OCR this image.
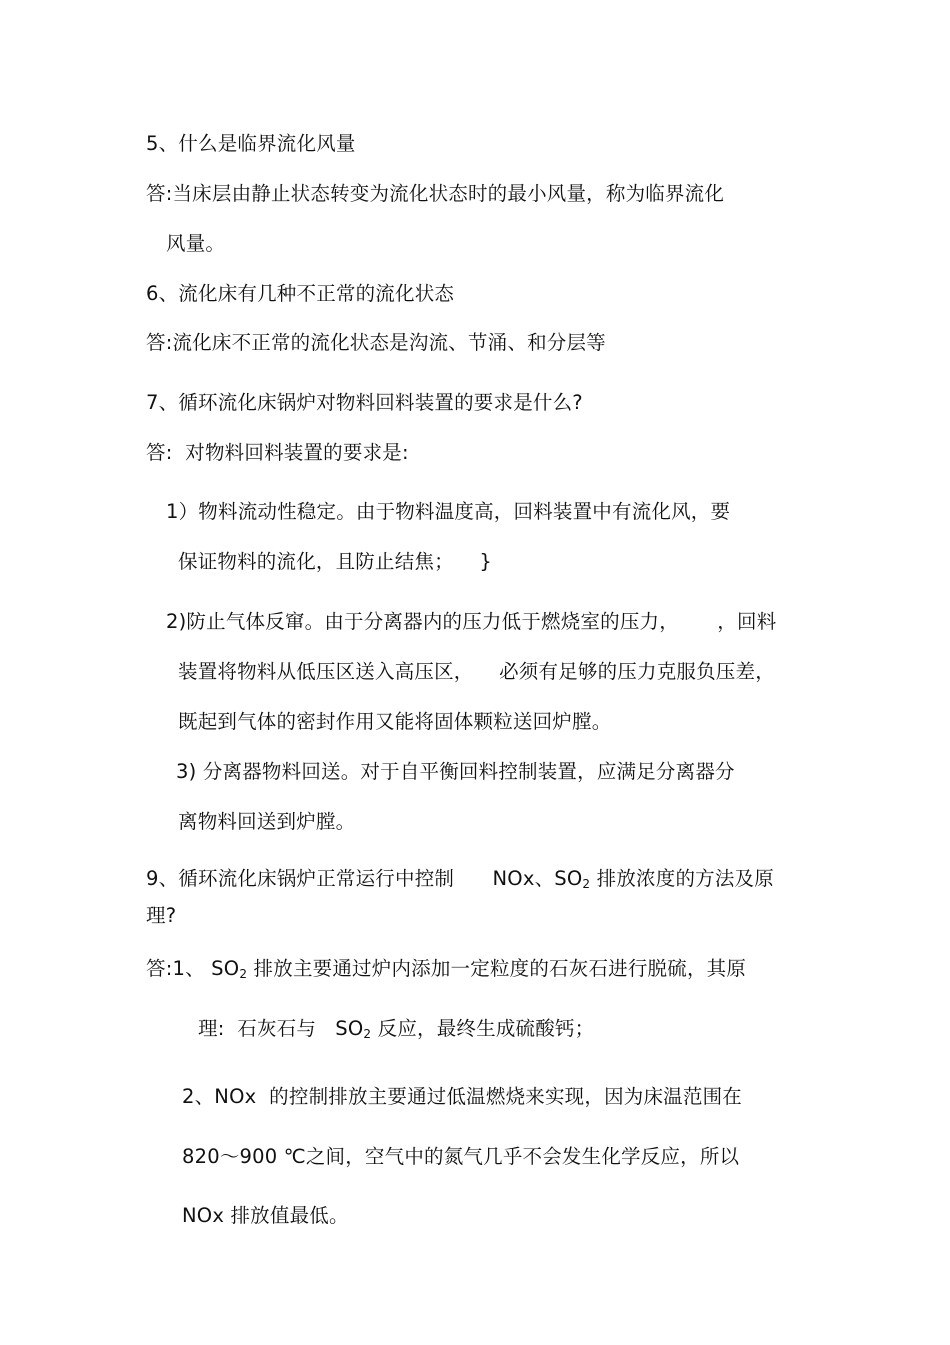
5、什么是临界流化风量
答:当床层由静止状态转变为流化状态时的最小风量，称为临界流化
风量。
6、流化床有几种不正常的流化状态
答:流化床不正常的流化状态是沟流、节涌、和分层等
7、循环流化床锅炉对物料回料装置的要求是什么?
答:  对物料回料装置的要求是:
1）物料流动性稳定。由于物料温度高，回料装置中有流化风，要
保证物料的流化，且防止结焦；    }
2)防止气体反窜。由于分离器内的压力低于燃烧室的压力，      ，回料
装置将物料从低压区送入高压区，    必须有足够的压力克服负压差，
既起到气体的密封作用又能将固体颗粒送回炉膛。
3) 分离器物料回送。对于自平衡回料控制装置，应满足分离器分
离物料回送到炉膛。
9、循环流化床锅炉正常运行中控制      NOx、$SO_2$ 排放浓度的方法及原
理?
答:1、 $SO_2$ 排放主要通过炉内添加一定粒度的石灰石进行脱硫，其原
理:  石灰石与   $SO_2$ 反应，最终生成硫酸钙；
2、NOx  的控制排放主要通过低温燃烧来实现，因为床温范围在
820～900 ℃之间，空气中的氮气几乎不会发生化学反应，所以
NOx 排放值最低。
